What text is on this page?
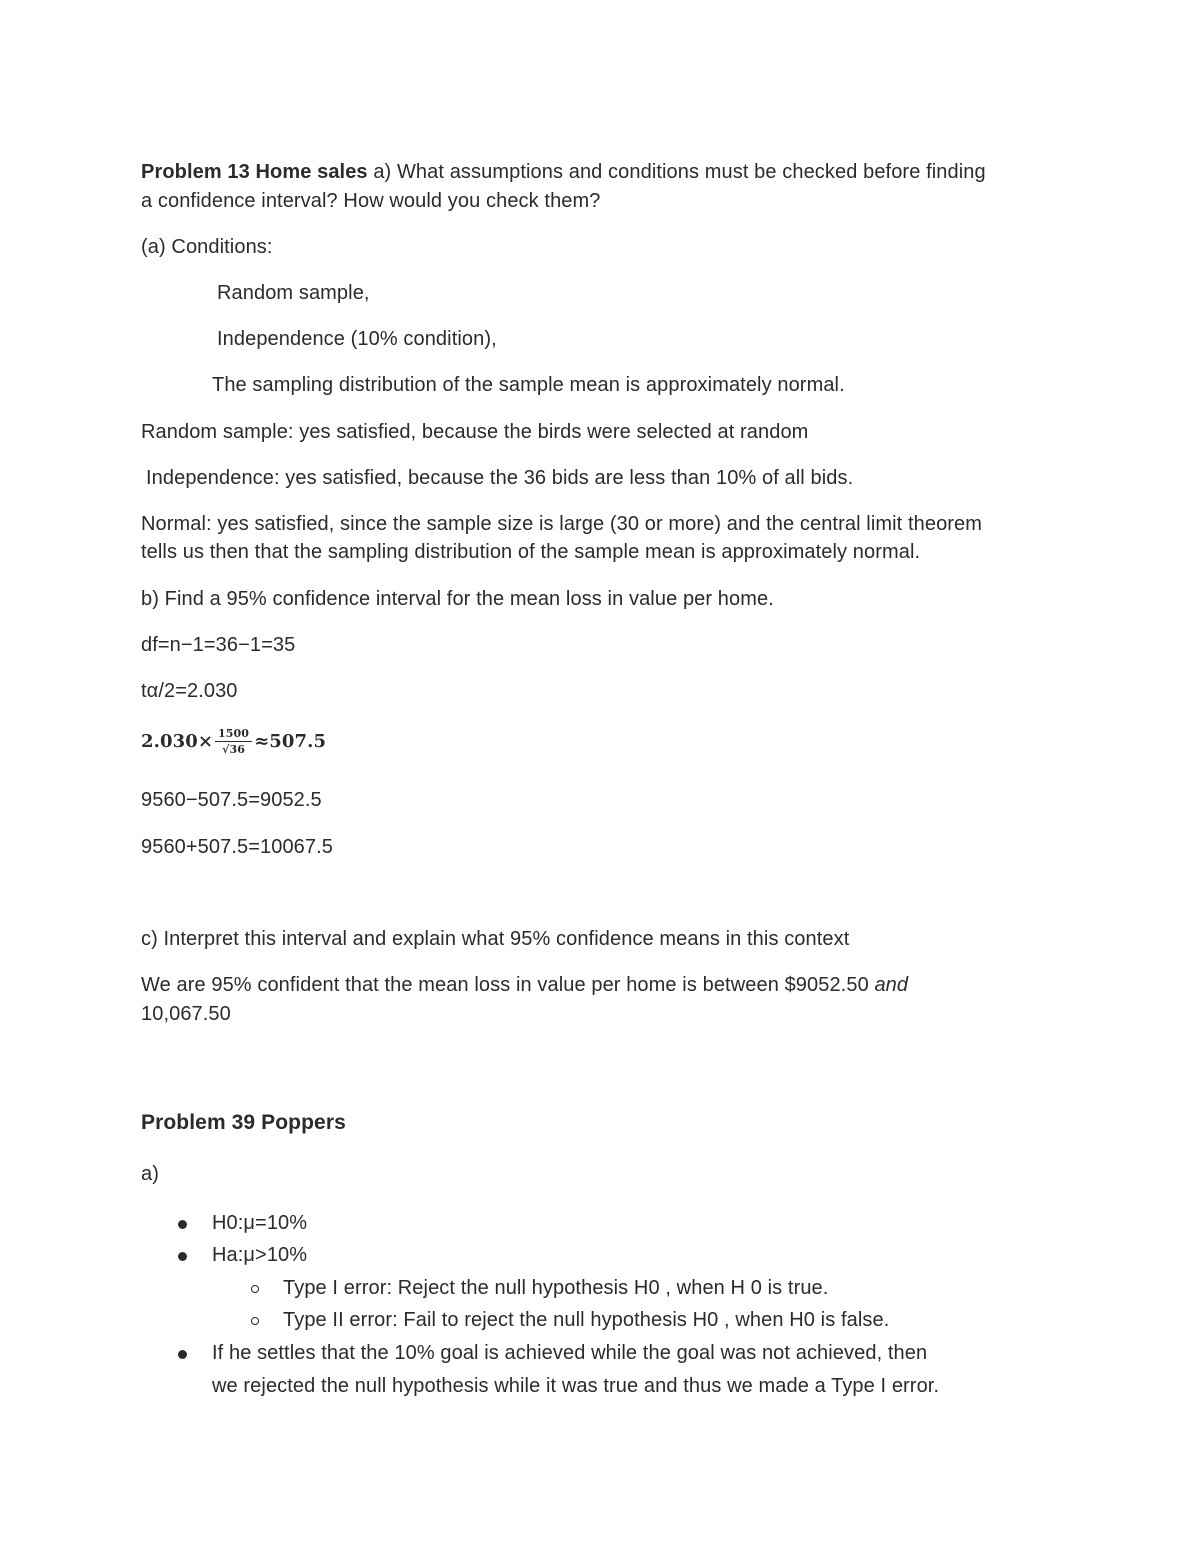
Problem 13 Home sales a) What assumptions and conditions must be checked before finding

a confidence interval? How would you check them?

(a) Conditions:

Random sample,

Independence (10% condition),

The sampling distribution of the sample mean is approximately normal.

Random sample: yes satisfied, because the birds were selected at random

Independence: yes satisfied, because the 36 bids are less than 10% of all bids.

Normal: yes satisfied, since the sample size is large (30 or more) and the central limit theorem

tells us then that the sampling distribution of the sample mean is approximately normal.

b) Find a 95% confidence interval for the mean loss in value per home.

df=n−1=36−1=35

tα/2=2.030

$2.030\times \frac{1500}{√36} \approx 507.5$

9560−507.5=9052.5

9560+507.5=10067.5

c) Interpret this interval and explain what 95% confidence means in this context

We are 95% confident that the mean loss in value per home is between $9052.50 and

10,067.50

Problem 39 Poppers

a)

H0:μ=10%

Ha:μ>10%

Type I error: Reject the null hypothesis H0 , when H 0 is true.

Type II error: Fail to reject the null hypothesis H0 , when H0 is false.

If he settles that the 10% goal is achieved while the goal was not achieved, then

we rejected the null hypothesis while it was true and thus we made a Type I error.
